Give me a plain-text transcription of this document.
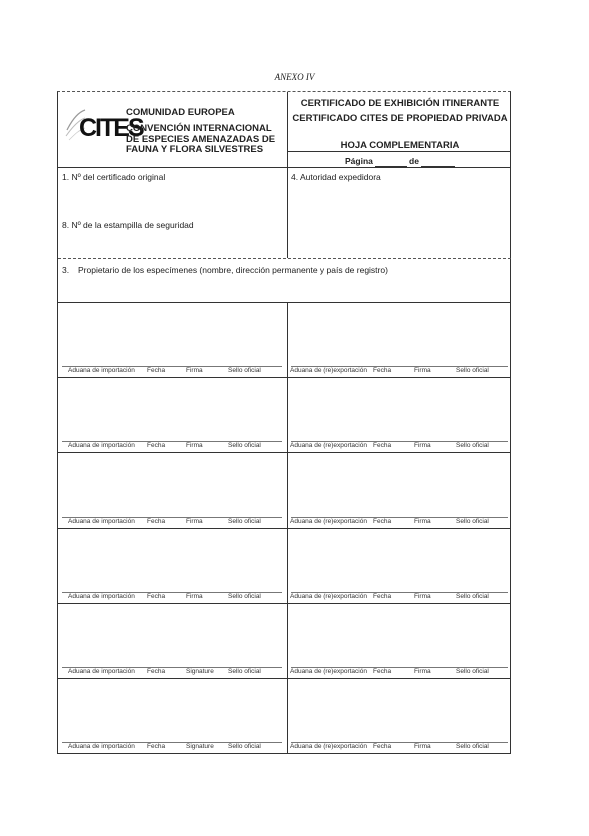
ANEXO IV
CITES
COMUNIDAD EUROPEA
CONVENCIÓN INTERNACIONAL
DE ESPECIES AMENAZADAS DE
FAUNA Y FLORA SILVESTRES
CERTIFICADO DE EXHIBICIÓN ITINERANTE
CERTIFICADO CITES DE PROPIEDAD PRIVADA
HOJA COMPLEMENTARIA
Página	de
1. Nº del certificado original	4. Autoridad expedidora
8. Nº de la estampilla de seguridad
3. Propietario de los especímenes (nombre, dirección permanente y país de registro)
Aduana de importación Fecha	Firma	Sello oficial	Aduana de (re)exportación Fecha	Firma	Sello oficial
Aduana de importación Fecha	Firma	Sello oficial	Aduana de (re)exportación Fecha	Firma	Sello oficial
Aduana de importación Fecha	Firma	Sello oficial	Aduana de (re)exportación Fecha	Firma	Sello oficial
Aduana de importación Fecha	Firma	Sello oficial	Aduana de (re)exportación Fecha	Firma	Sello oficial
Aduana de importación Fecha	Signature Sello oficial	Aduana de (re)exportación Fecha	Firma	Sello oficial
Aduana de importación Fecha	Signature Sello oficial	Aduana de (re)exportación Fecha	Firma	Sello oficial
